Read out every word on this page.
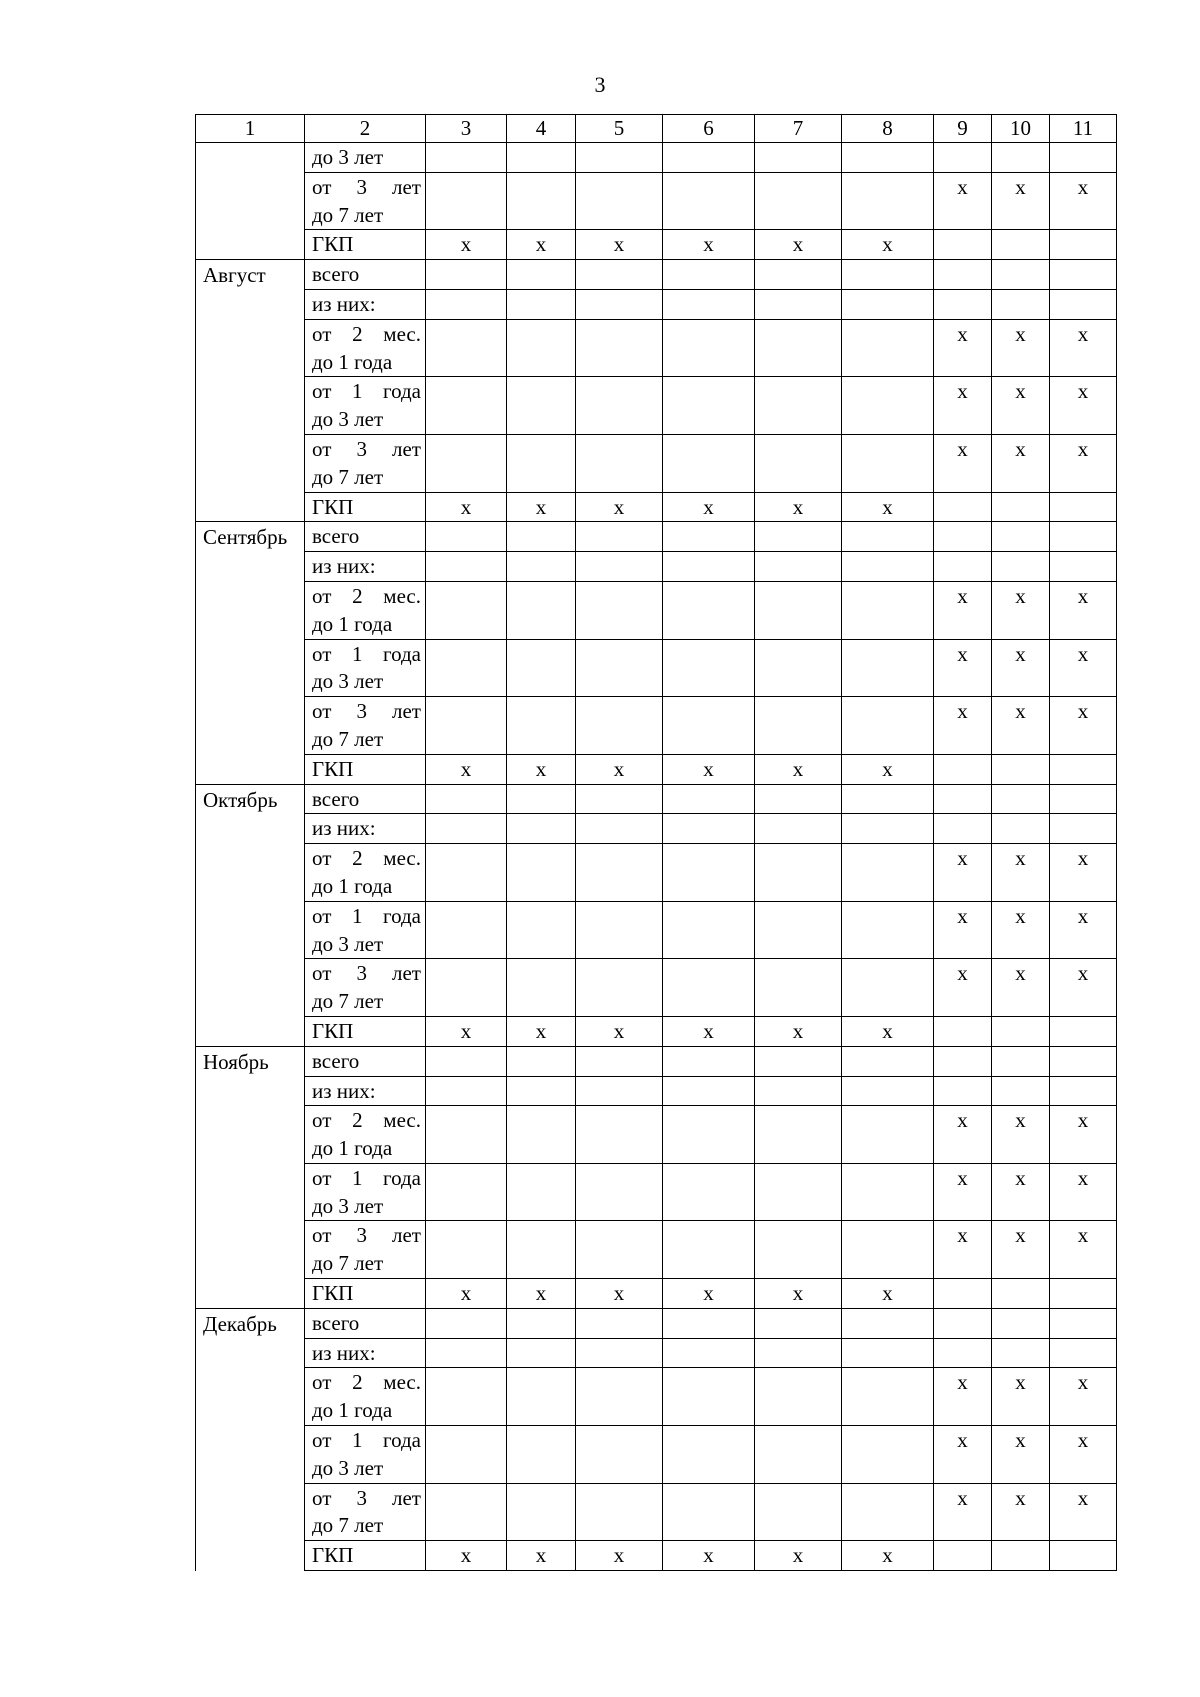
3
1	2	3	4	5	6	7	8	9	10	11

	до 3 лет									

	от 3 лет
до 7 лет							x	x	x

	ГКП	x	x	x	x	x	x			
Август	всего									

	из них:									

	от 2 мес.
до 1 года							x	x	x

	от 1 года
до 3 лет							x	x	x

	от 3 лет
до 7 лет							x	x	x

	ГКП	x	x	x	x	x	x			
Сентябрь	всего									

	из них:									

	от 2 мес.
до 1 года							x	x	x

	от 1 года
до 3 лет							x	x	x

	от 3 лет
до 7 лет							x	x	x

	ГКП	x	x	x	x	x	x			
Октябрь	всего									

	из них:									

	от 2 мес.
до 1 года							x	x	x

	от 1 года
до 3 лет							x	x	x

	от 3 лет
до 7 лет							x	x	x

	ГКП	x	x	x	x	x	x			
Ноябрь	всего									

	из них:									

	от 2 мес.
до 1 года							x	x	x

	от 1 года
до 3 лет							x	x	x

	от 3 лет
до 7 лет							x	x	x

	ГКП	x	x	x	x	x	x			
Декабрь	всего									

	из них:									

	от 2 мес.
до 1 года							x	x	x

	от 1 года
до 3 лет							x	x	x

	от 3 лет
до 7 лет							x	x	x

	ГКП	x	x	x	x	x	x			
